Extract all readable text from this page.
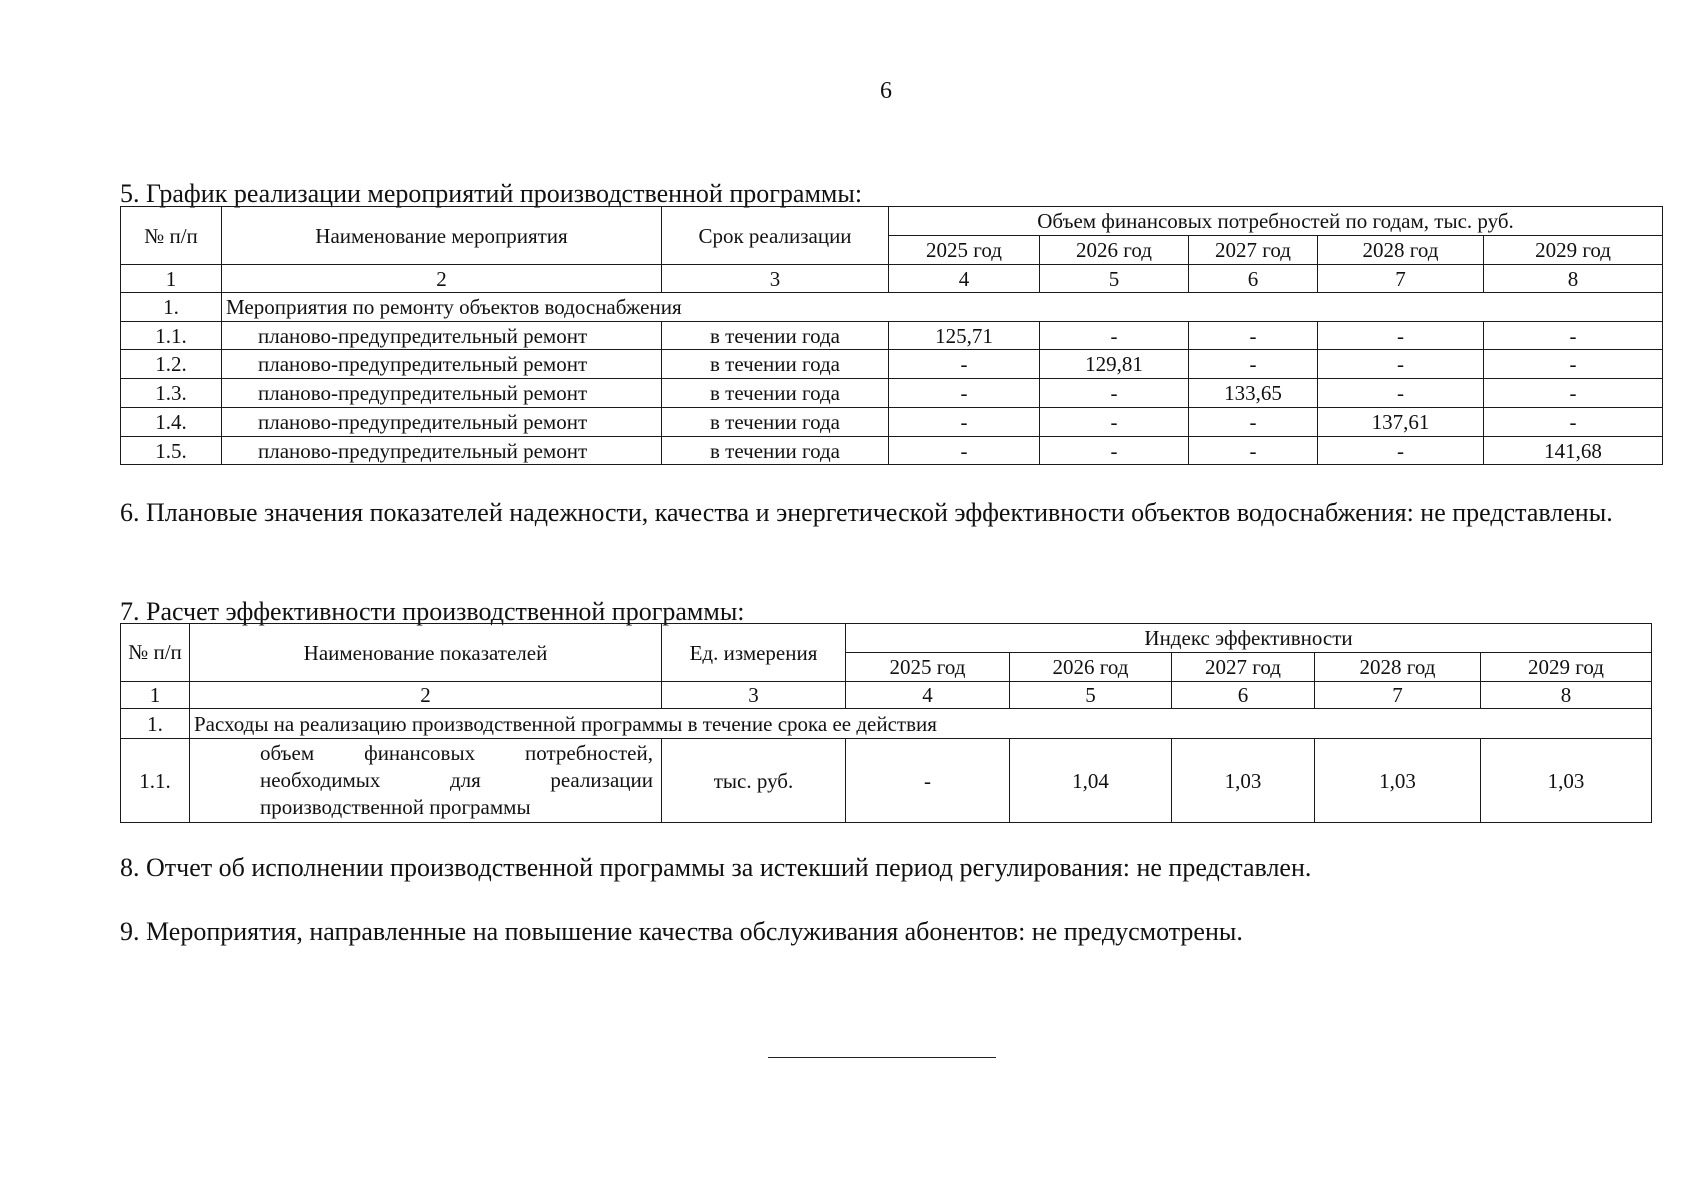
6
5. График реализации мероприятий производственной программы:
№ п/п	Наименование мероприятия	Срок реализации	Объем финансовых потребностей по годам, тыс. руб.				
			2025 год	2026 год	2027 год	2028 год	2029 год
1	2	3	4	5	6	7	8
1.	Мероприятия по ремонту объектов водоснабжения						
1.1.	планово-предупредительный ремонт	в течении года	125,71	-	-	-	-
1.2.	планово-предупредительный ремонт	в течении года	-	129,81	-	-	-
1.3.	планово-предупредительный ремонт	в течении года	-	-	133,65	-	-
1.4.	планово-предупредительный ремонт	в течении года	-	-	-	137,61	-
1.5.	планово-предупредительный ремонт	в течении года	-	-	-	-	141,68
6. Плановые значения показателей надежности, качества и энергетической эффективности объектов водоснабжения: не представлены.
7. Расчет эффективности производственной программы:
№ п/п	Наименование показателей	Ед. измерения	Индекс эффективности				
			2025 год	2026 год	2027 год	2028 год	2029 год
1	2	3	4	5	6	7	8
1.	Расходы на реализацию производственной программы в течение срока ее действия						
1.1.	объем финансовых потребностей, необходимых для реализации производственной программы	тыс. руб.	-	1,04	1,03	1,03	1,03
8. Отчет об исполнении производственной программы за истекший период регулирования: не представлен.
9. Мероприятия, направленные на повышение качества обслуживания абонентов: не предусмотрены.
